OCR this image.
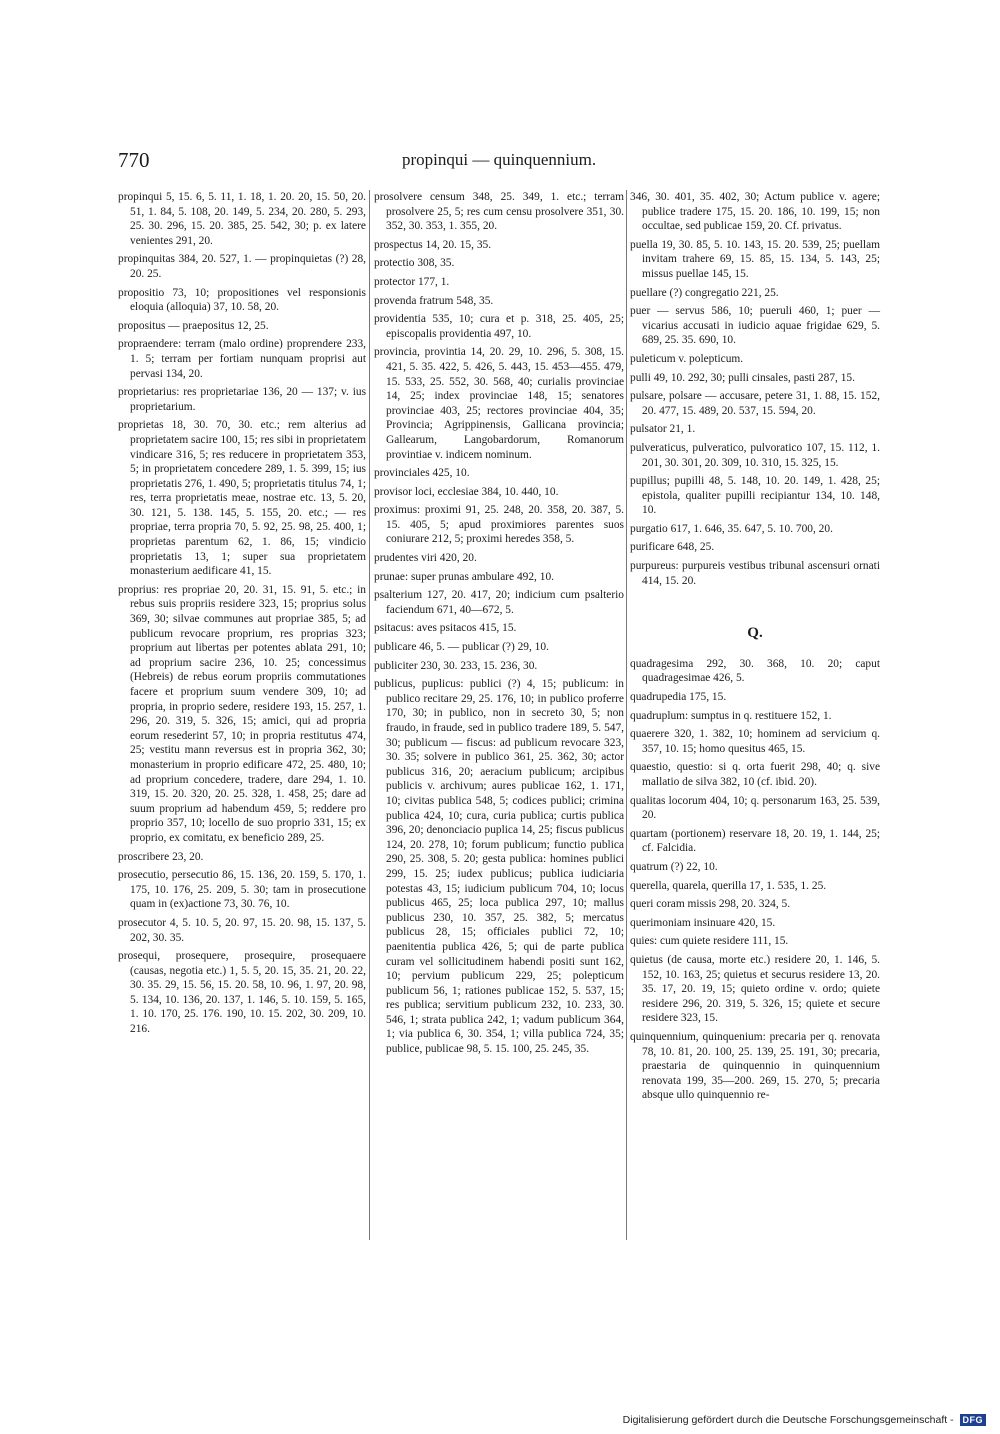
770	propinqui — quinquennium.

propinqui 5, 15. 6, 5. 11, 1. 18, 1. 20. 20, 15. 50, 20. 51, 1. 84, 5. 108, 20. 149, 5. 234, 20. 280, 5. 293, 25. 30. 296, 15. 20. 385, 25. 542, 30; p. ex latere venientes 291, 20.

propinquitas 384, 20. 527, 1. — propinquietas (?) 28, 20. 25.

propositio 73, 10; propositiones vel responsionis eloquia (alloquia) 37, 10. 58, 20.

propositus — praepositus 12, 25.

propraendere: terram (malo ordine) proprendere 233, 1. 5; terram per fortiam nunquam proprisi aut pervasi 134, 20.

proprietarius: res proprietariae 136, 20 — 137; v. ius proprietarium.

proprietas 18, 30. 70, 30. etc.; rem alterius ad proprietatem sacire 100, 15; res sibi in proprietatem vindicare 316, 5; res reducere in proprietatem 353, 5; in proprietatem concedere 289, 1. 5. 399, 15; ius proprietatis 276, 1. 490, 5; proprietatis titulus 74, 1; res, terra proprietatis meae, nostrae etc. 13, 5. 20, 30. 121, 5. 138. 145, 5. 155, 20. etc.; — res propriae, terra propria 70, 5. 92, 25. 98, 25. 400, 1; proprietas parentum 62, 1. 86, 15; vindicio proprietatis 13, 1; super sua proprietatem monasterium aedificare 41, 15.

proprius: res propriae 20, 20. 31, 15. 91, 5. etc.; in rebus suis propriis residere 323, 15; proprius solus 369, 30; silvae communes aut propriae 385, 5; ad publicum revocare proprium, res proprias 323; proprium aut libertas per potentes ablata 291, 10; ad proprium sacire 236, 10. 25; concessimus (Hebreis) de rebus eorum propriis commutationes facere et proprium suum vendere 309, 10; ad propria, in proprio sedere, residere 193, 15. 257, 1. 296, 20. 319, 5. 326, 15; amici, qui ad propria eorum resederint 57, 10; in propria restitutus 474, 25; vestitu mann reversus est in propria 362, 30; monasterium in proprio edificare 472, 25. 480, 10; ad proprium concedere, tradere, dare 294, 1. 10. 319, 15. 20. 320, 20. 25. 328, 1. 458, 25; dare ad suum proprium ad habendum 459, 5; reddere pro proprio 357, 10; locello de suo proprio 331, 15; ex proprio, ex comitatu, ex beneficio 289, 25.

proscribere 23, 20.

prosecutio, persecutio 86, 15. 136, 20. 159, 5. 170, 1. 175, 10. 176, 25. 209, 5. 30; tam in prosecutione quam in (ex)actione 73, 30. 76, 10.

prosecutor 4, 5. 10. 5, 20. 97, 15. 20. 98, 15. 137, 5. 202, 30. 35.

prosequi, prosequere, prosequire, prosequaere (causas, negotia etc.) 1, 5. 5, 20. 15, 35. 21, 20. 22, 30. 35. 29, 15. 56, 15. 20. 58, 10. 96, 1. 97, 20. 98, 5. 134, 10. 136, 20. 137, 1. 146, 5. 10. 159, 5. 165, 1. 10. 170, 25. 176. 190, 10. 15. 202, 30. 209, 10. 216.

prosolvere censum 348, 25. 349, 1. etc.; terram prosolvere 25, 5; res cum censu prosolvere 351, 30. 352, 30. 353, 1. 355, 20.

prospectus 14, 20. 15, 35.

protectio 308, 35.

protector 177, 1.

provenda fratrum 548, 35.

providentia 535, 10; cura et p. 318, 25. 405, 25; episcopalis providentia 497, 10.

provincia, provintia 14, 20. 29, 10. 296, 5. 308, 15. 421, 5. 35. 422, 5. 426, 5. 443, 15. 453—455. 479, 15. 533, 25. 552, 30. 568, 40; curialis provinciae 14, 25; index provinciae 148, 15; senatores provinciae 403, 25; rectores provinciae 404, 35; Provincia; Agrippinensis, Gallicana provincia; Gallearum, Langobardorum, Romanorum provintiae v. indicem nominum.

provinciales 425, 10.

provisor loci, ecclesiae 384, 10. 440, 10.

proximus: proximi 91, 25. 248, 20. 358, 20. 387, 5. 15. 405, 5; apud proximiores parentes suos coniurare 212, 5; proximi heredes 358, 5.

prudentes viri 420, 20.

prunae: super prunas ambulare 492, 10.

psalterium 127, 20. 417, 20; indicium cum psalterio faciendum 671, 40—672, 5.

psitacus: aves psitacos 415, 15.

publicare 46, 5. — publicar (?) 29, 10.

publiciter 230, 30. 233, 15. 236, 30.

publicus, puplicus: publici (?) 4, 15; publicum: in publico recitare 29, 25. 176, 10; in publico proferre 170, 30; in publico, non in secreto 30, 5; non fraudo, in fraude, sed in publico tradere 189, 5. 547, 30; publicum — fiscus: ad publicum revocare 323, 30. 35; solvere in publico 361, 25. 362, 30; actor publicus 316, 20; aeracium publicum; arcipibus publicis v. archivum; aures publicae 162, 1. 171, 10; civitas publica 548, 5; codices publici; crimina publica 424, 10; cura, curia publica; curtis publica 396, 20; denonciacio puplica 14, 25; fiscus publicus 124, 20. 278, 10; forum publicum; functio publica 290, 25. 308, 5. 20; gesta publica: homines publici 299, 15. 25; iudex publicus; publica iudiciaria potestas 43, 15; iudicium publicum 704, 10; locus publicus 465, 25; loca publica 297, 10; mallus publicus 230, 10. 357, 25. 382, 5; mercatus publicus 28, 15; officiales publici 72, 10; paenitentia publica 426, 5; qui de parte publica curam vel sollicitudinem habendi positi sunt 162, 10; pervium publicum 229, 25; polepticum publicum 56, 1; rationes publicae 152, 5. 537, 15; res publica; servitium publicum 232, 10. 233, 30. 546, 1; strata publica 242, 1; vadum publicum 364, 1; via publica 6, 30. 354, 1; villa publica 724, 35; publice, publicae 98, 5. 15. 100, 25. 245, 35.

346, 30. 401, 35. 402, 30; Actum publice v. agere; publice tradere 175, 15. 20. 186, 10. 199, 15; non occultae, sed publicae 159, 20. Cf. privatus.

puella 19, 30. 85, 5. 10. 143, 15. 20. 539, 25; puellam invitam trahere 69, 15. 85, 15. 134, 5. 143, 25; missus puellae 145, 15.

puellare (?) congregatio 221, 25.

puer — servus 586, 10; pueruli 460, 1; puer — vicarius accusati in iudicio aquae frigidae 629, 5. 689, 25. 35. 690, 10.

puleticum v. polepticum.

pulli 49, 10. 292, 30; pulli cinsales, pasti 287, 15.

pulsare, polsare — accusare, petere 31, 1. 88, 15. 152, 20. 477, 15. 489, 20. 537, 15. 594, 20.

pulsator 21, 1.

pulveraticus, pulveratico, pulvoratico 107, 15. 112, 1. 201, 30. 301, 20. 309, 10. 310, 15. 325, 15.

pupillus; pupilli 48, 5. 148, 10. 20. 149, 1. 428, 25; epistola, qualiter pupilli recipiantur 134, 10. 148, 10.

purgatio 617, 1. 646, 35. 647, 5. 10. 700, 20.

purificare 648, 25.

purpureus: purpureis vestibus tribunal ascensuri ornati 414, 15. 20.

Q.

quadragesima 292, 30. 368, 10. 20; caput quadragesimae 426, 5.

quadrupedia 175, 15.

quadruplum: sumptus in q. restituere 152, 1.

quaerere 320, 1. 382, 10; hominem ad servicium q. 357, 10. 15; homo quesitus 465, 15.

quaestio, questio: si q. orta fuerit 298, 40; q. sive mallatio de silva 382, 10 (cf. ibid. 20).

qualitas locorum 404, 10; q. personarum 163, 25. 539, 20.

quartam (portionem) reservare 18, 20. 19, 1. 144, 25; cf. Falcidia.

quatrum (?) 22, 10.

querella, quarela, querilla 17, 1. 535, 1. 25.

queri coram missis 298, 20. 324, 5.

querimoniam insinuare 420, 15.

quies: cum quiete residere 111, 15.

quietus (de causa, morte etc.) residere 20, 1. 146, 5. 152, 10. 163, 25; quietus et securus residere 13, 20. 35. 17, 20. 19, 15; quieto ordine v. ordo; quiete residere 296, 20. 319, 5. 326, 15; quiete et secure residere 323, 15.

quinquennium, quinquenium: precaria per q. renovata 78, 10. 81, 20. 100, 25. 139, 25. 191, 30; precaria, praestaria de quinquennio in quinquennium renovata 199, 35—200. 269, 15. 270, 5; precaria absque ullo quinquennio re-

Digitalisierung gefördert durch die Deutsche Forschungsgemeinschaft - DFG
